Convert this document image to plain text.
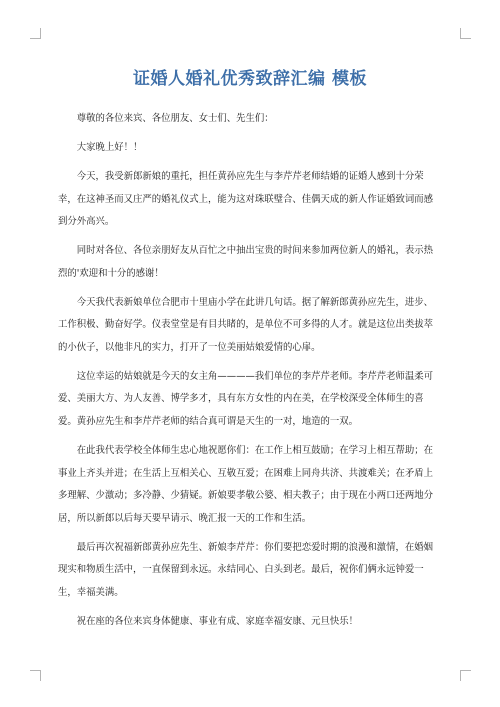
证婚人婚礼优秀致辞汇编 模板

尊敬的各位来宾、各位朋友、女士们、先生们：

大家晚上好！！

今天，我受新郎新娘的重托，担任黄孙应先生与李芹芹老师结婚的证婚人感到十分荣幸，在这神圣而又庄严的婚礼仪式上，能为这对珠联璧合、佳偶天成的新人作证婚致词而感到分外高兴。

同时对各位、各位亲朋好友从百忙之中抽出宝贵的时间来参加两位新人的婚礼，表示热烈的'欢迎和十分的感谢！

今天我代表新娘单位合肥市十里庙小学在此讲几句话。据了解新郎黄孙应先生，进步、工作积极、勤奋好学。仪表堂堂是有目共睹的，是单位不可多得的人才。就是这位出类拔萃的小伙子，以他非凡的实力，打开了一位美丽姑娘爱情的心扉。

这位幸运的姑娘就是今天的女主角————我们单位的李芹芹老师。李芹芹老师温柔可爱、美丽大方、为人友善、博学多才，具有东方女性的内在美，在学校深受全体师生的喜爱。黄孙应先生和李芹芹老师的结合真可谓是天生的一对，地造的一双。

在此我代表学校全体师生忠心地祝愿你们：在工作上相互鼓励；在学习上相互帮助；在事业上齐头并进；在生活上互相关心、互敬互爱；在困难上同舟共济、共渡难关；在矛盾上多理解、少激动；多冷静、少猜疑。新娘要孝敬公婆、相夫教子；由于现在小两口还两地分居，所以新郎以后每天要早请示、晚汇报一天的工作和生活。

最后再次祝福新郎黄孙应先生、新娘李芹芹：你们要把恋爱时期的浪漫和激情，在婚姻现实和物质生活中，一直保留到永远。永结同心、白头到老。最后，祝你们俩永远钟爱一生，幸福美满。

祝在座的各位来宾身体健康、事业有成、家庭幸福安康、元旦快乐！
